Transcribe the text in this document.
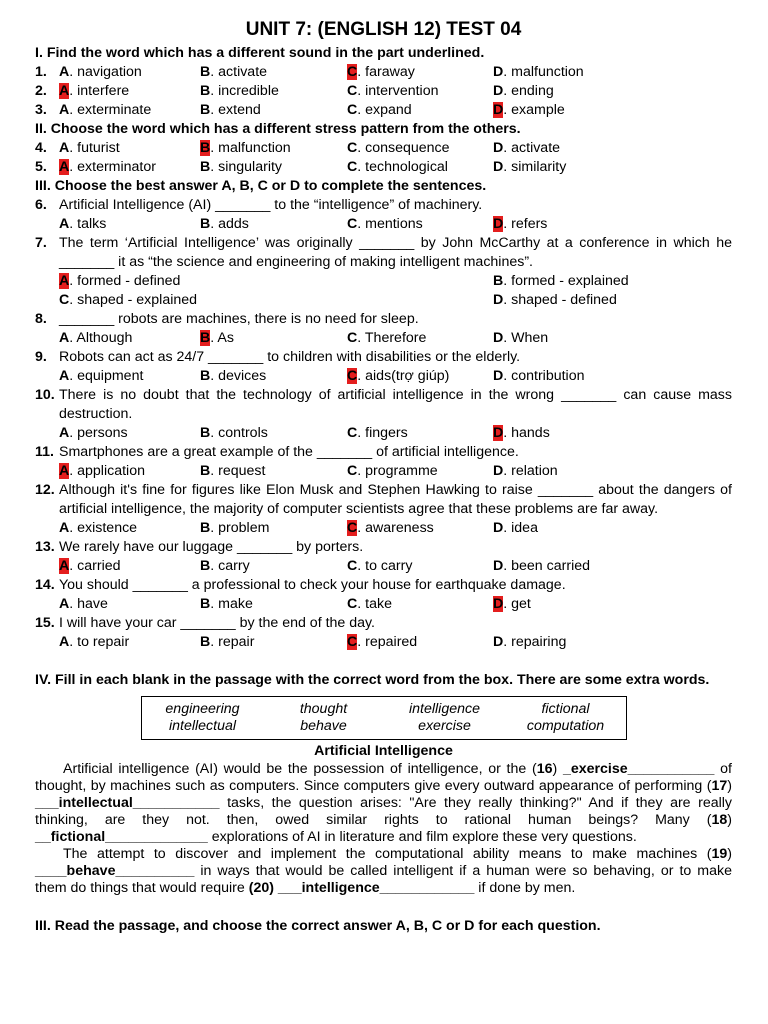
UNIT 7: (ENGLISH 12) TEST 04
I. Find the word which has a different sound in the part underlined.
1. A. navigation	B. activate	C. faraway	D. malfunction
2. A. interfere	B. incredible	C. intervention	D. ending
3. A. exterminate	B. extend	C. expand	D. example
II. Choose the word which has a different stress pattern from the others.
4. A. futurist	B. malfunction	C. consequence	D. activate
5. A. exterminator	B. singularity	C. technological	D. similarity
III. Choose the best answer A, B, C or D to complete the sentences.
6. Artificial Intelligence (AI) _______ to the “intelligence” of machinery.
A. talks	B. adds	C. mentions	D. refers
7. The term ‘Artificial Intelligence’ was originally _______ by John McCarthy at a conference in which he _______ it as “the science and engineering of making intelligent machines”.
A. formed - defined	B. formed - explained
C. shaped - explained	D. shaped - defined
8. _______ robots are machines, there is no need for sleep.
A. Although	B. As	C. Therefore	D. When
9. Robots can act as 24/7 _______ to children with disabilities or the elderly.
A. equipment	B. devices	C. aids(trợ giúp)	D. contribution
10. There is no doubt that the technology of artificial intelligence in the wrong _______ can cause mass destruction.
A. persons	B. controls	C. fingers	D. hands
11. Smartphones are a great example of the _______ of artificial intelligence.
A. application	B. request	C. programme	D. relation
12. Although it's fine for figures like Elon Musk and Stephen Hawking to raise _______ about the dangers of artificial intelligence, the majority of computer scientists agree that these problems are far away.
A. existence	B. problem	C. awareness	D. idea
13. We rarely have our luggage _______ by porters.
A. carried	B. carry	C. to carry	D. been carried
14. You should _______ a professional to check your house for earthquake damage.
A. have	B. make	C. take	D. get
15. I will have your car _______ by the end of the day.
A. to repair	B. repair	C. repaired	D. repairing
IV. Fill in each blank in the passage with the correct word from the box. There are some extra words.
engineering	thought	intelligence	fictional
intellectual	behave	exercise	computation
Artificial Intelligence
Artificial intelligence (AI) would be the possession of intelligence, or the (16) _exercise___________ of thought, by machines such as computers. Since computers give every outward appearance of performing (17) ___intellectual___________ tasks, the question arises: "Are they really thinking?" And if they are really thinking, are they not. then, owed similar rights to rational human beings? Many (18) __fictional_____________ explorations of AI in literature and film explore these very questions.
The attempt to discover and implement the computational ability means to make machines (19) ____behave__________ in ways that would be called intelligent if a human were so behaving, or to make them do things that would require (20) ___intelligence____________ if done by men.
III. Read the passage, and choose the correct answer A, B, C or D for each question.
